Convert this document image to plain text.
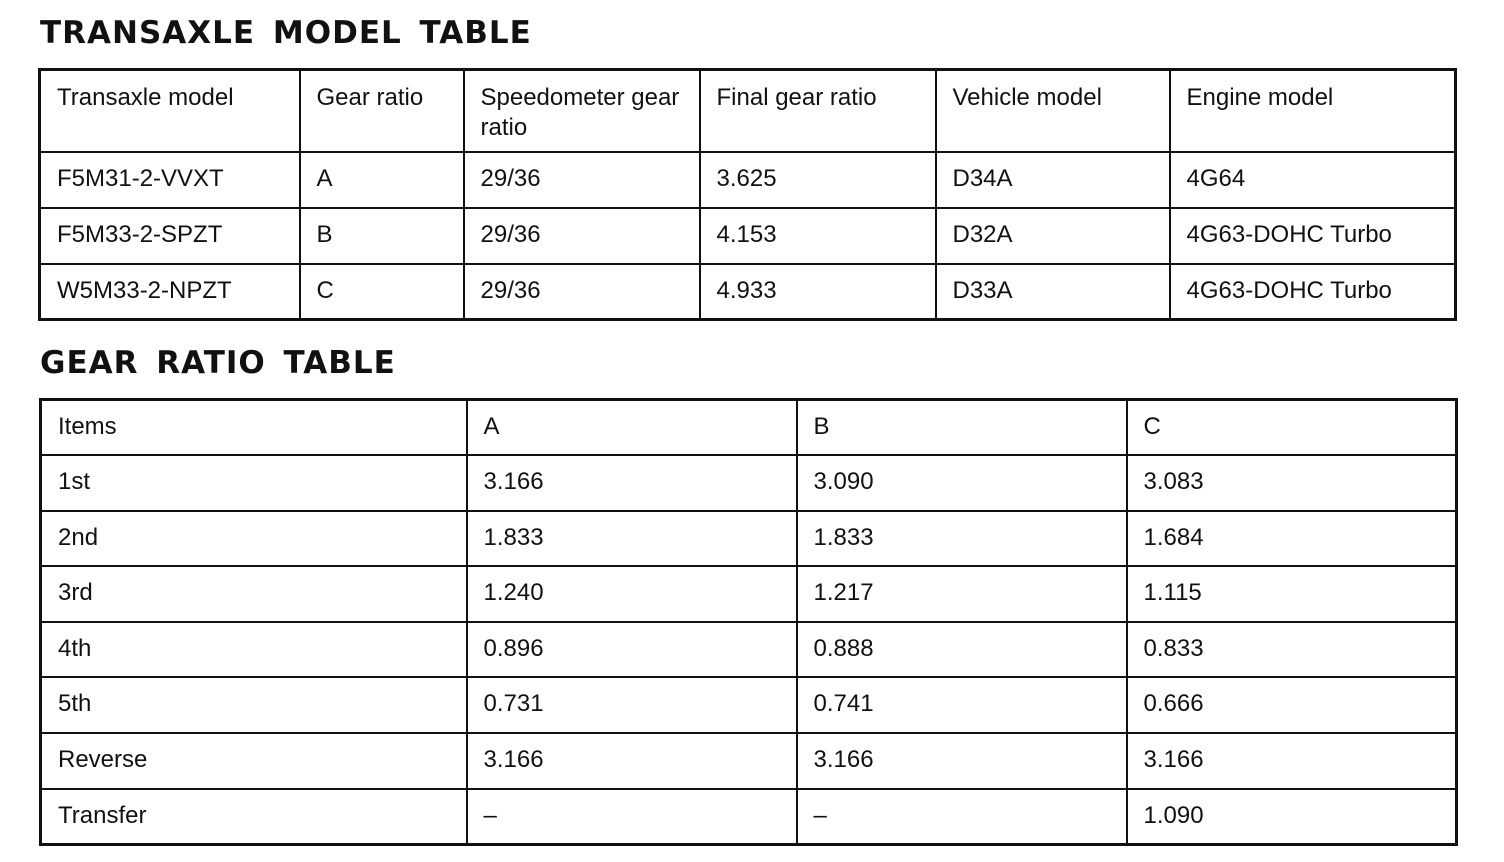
TRANSAXLE MODEL TABLE
Transaxle model	Gear ratio	Speedometer gear ratio	Final gear ratio	Vehicle model	Engine model
F5M31-2-VVXT	A	29/36	3.625	D34A	4G64
F5M33-2-SPZT	B	29/36	4.153	D32A	4G63-DOHC Turbo
W5M33-2-NPZT	C	29/36	4.933	D33A	4G63-DOHC Turbo
GEAR RATIO TABLE
Items	A	B	C
1st	3.166	3.090	3.083
2nd	1.833	1.833	1.684
3rd	1.240	1.217	1.115
4th	0.896	0.888	0.833
5th	0.731	0.741	0.666
Reverse	3.166	3.166	3.166
Transfer	–	–	1.090
